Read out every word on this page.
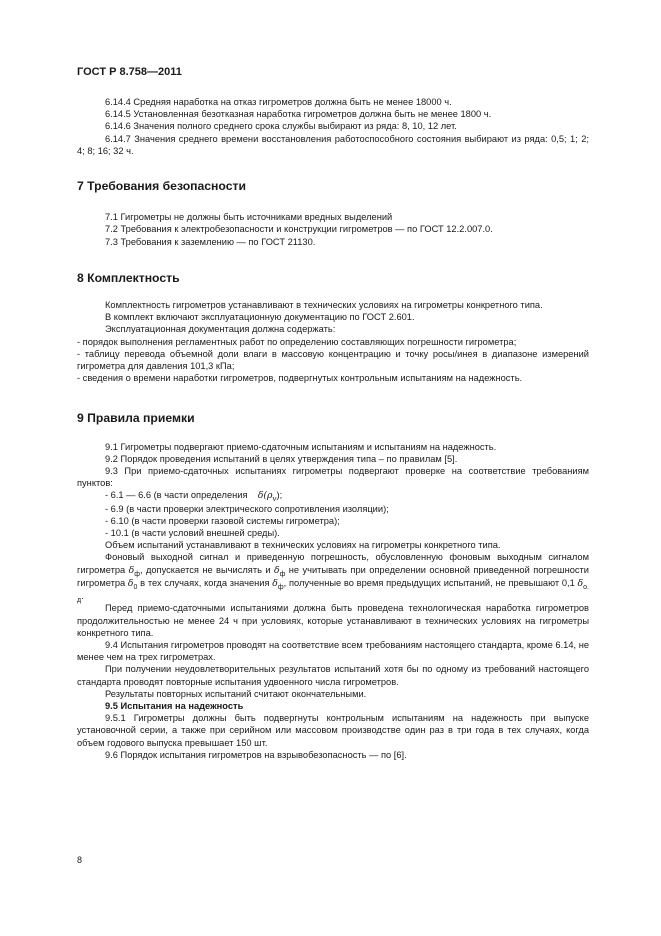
ГОСТ Р 8.758—2011

6.14.4 Средняя наработка на отказ гигрометров должна быть не менее 18000 ч.

6.14.5 Установленная безотказная наработка гигрометров должна быть не менее 1800 ч.

6.14.6 Значения полного среднего срока службы выбирают из ряда: 8, 10, 12 лет.

6.14.7 Значения среднего времени восстановления работоспособного состояния выбирают из ряда: 0,5; 1; 2; 4; 8; 16; 32 ч.

7 Требования безопасности

7.1 Гигрометры не должны быть источниками вредных выделений

7.2 Требования к электробезопасности и конструкции гигрометров — по ГОСТ 12.2.007.0.

7.3 Требования к заземлению — по ГОСТ 21130.

8 Комплектность

Комплектность гигрометров устанавливают в технических условиях на гигрометры конкретного типа.

В комплект включают эксплуатационную документацию по ГОСТ 2.601.

Эксплуатационная документация должна содержать:

- порядок выполнения регламентных работ по определению составляющих погрешности гигрометра;

- таблицу перевода объемной доли влаги в массовую концентрацию и точку росы/инея в диапазоне измерений гигрометра для давления 101,3 кПа;

- сведения о времени наработки гигрометров, подвергнутых контрольным испытаниям на надежность.

9 Правила приемки

9.1 Гигрометры подвергают приемо-сдаточным испытаниям и испытаниям на надежность.

9.2 Порядок проведения испытаний в целях утверждения типа – по правилам [5].

9.3 При приемо-сдаточных испытаниях гигрометры подвергают проверке на соответствие требованиям пунктов:

- 6.1 — 6.6 (в части определения $\delta(\rho_v)$;

- 6.9 (в части проверки электрического сопротивления изоляции);

- 6.10 (в части проверки газовой системы гигрометра);

- 10.1 (в части условий внешней среды).

Объем испытаний устанавливают в технических условиях на гигрометры конкретного типа.

Фоновый выходной сигнал и приведенную погрешность, обусловленную фоновым выходным сигналом гигрометра $\delta_ф$, допускается не вычислять и $\delta_ф$ не учитывать при определении основной приведенной погрешности гигрометра $\delta_0$ в тех случаях, когда значения $\delta_ф$, полученные во время предыдущих испытаний, не превышают 0,1 $\delta_{о. д}$.

Перед приемо-сдаточными испытаниями должна быть проведена технологическая наработка гигрометров продолжительностью не менее 24 ч при условиях, которые устанавливают в технических условиях на гигрометры конкретного типа.

9.4 Испытания гигрометров проводят на соответствие всем требованиям настоящего стандарта, кроме 6.14, не менее чем на трех гигрометрах.

При получении неудовлетворительных результатов испытаний хотя бы по одному из требований настоящего стандарта проводят повторные испытания удвоенного числа гигрометров.

Результаты повторных испытаний считают окончательными.

9.5 Испытания на надежность

9.5.1 Гигрометры должны быть подвергнуты контрольным испытаниям на надежность при выпуске установочной серии, а также при серийном или массовом производстве один раз в три года в тех случаях, когда объем годового выпуска превышает 150 шт.

9.6 Порядок испытания гигрометров на взрывобезопасность — по [6].

8
